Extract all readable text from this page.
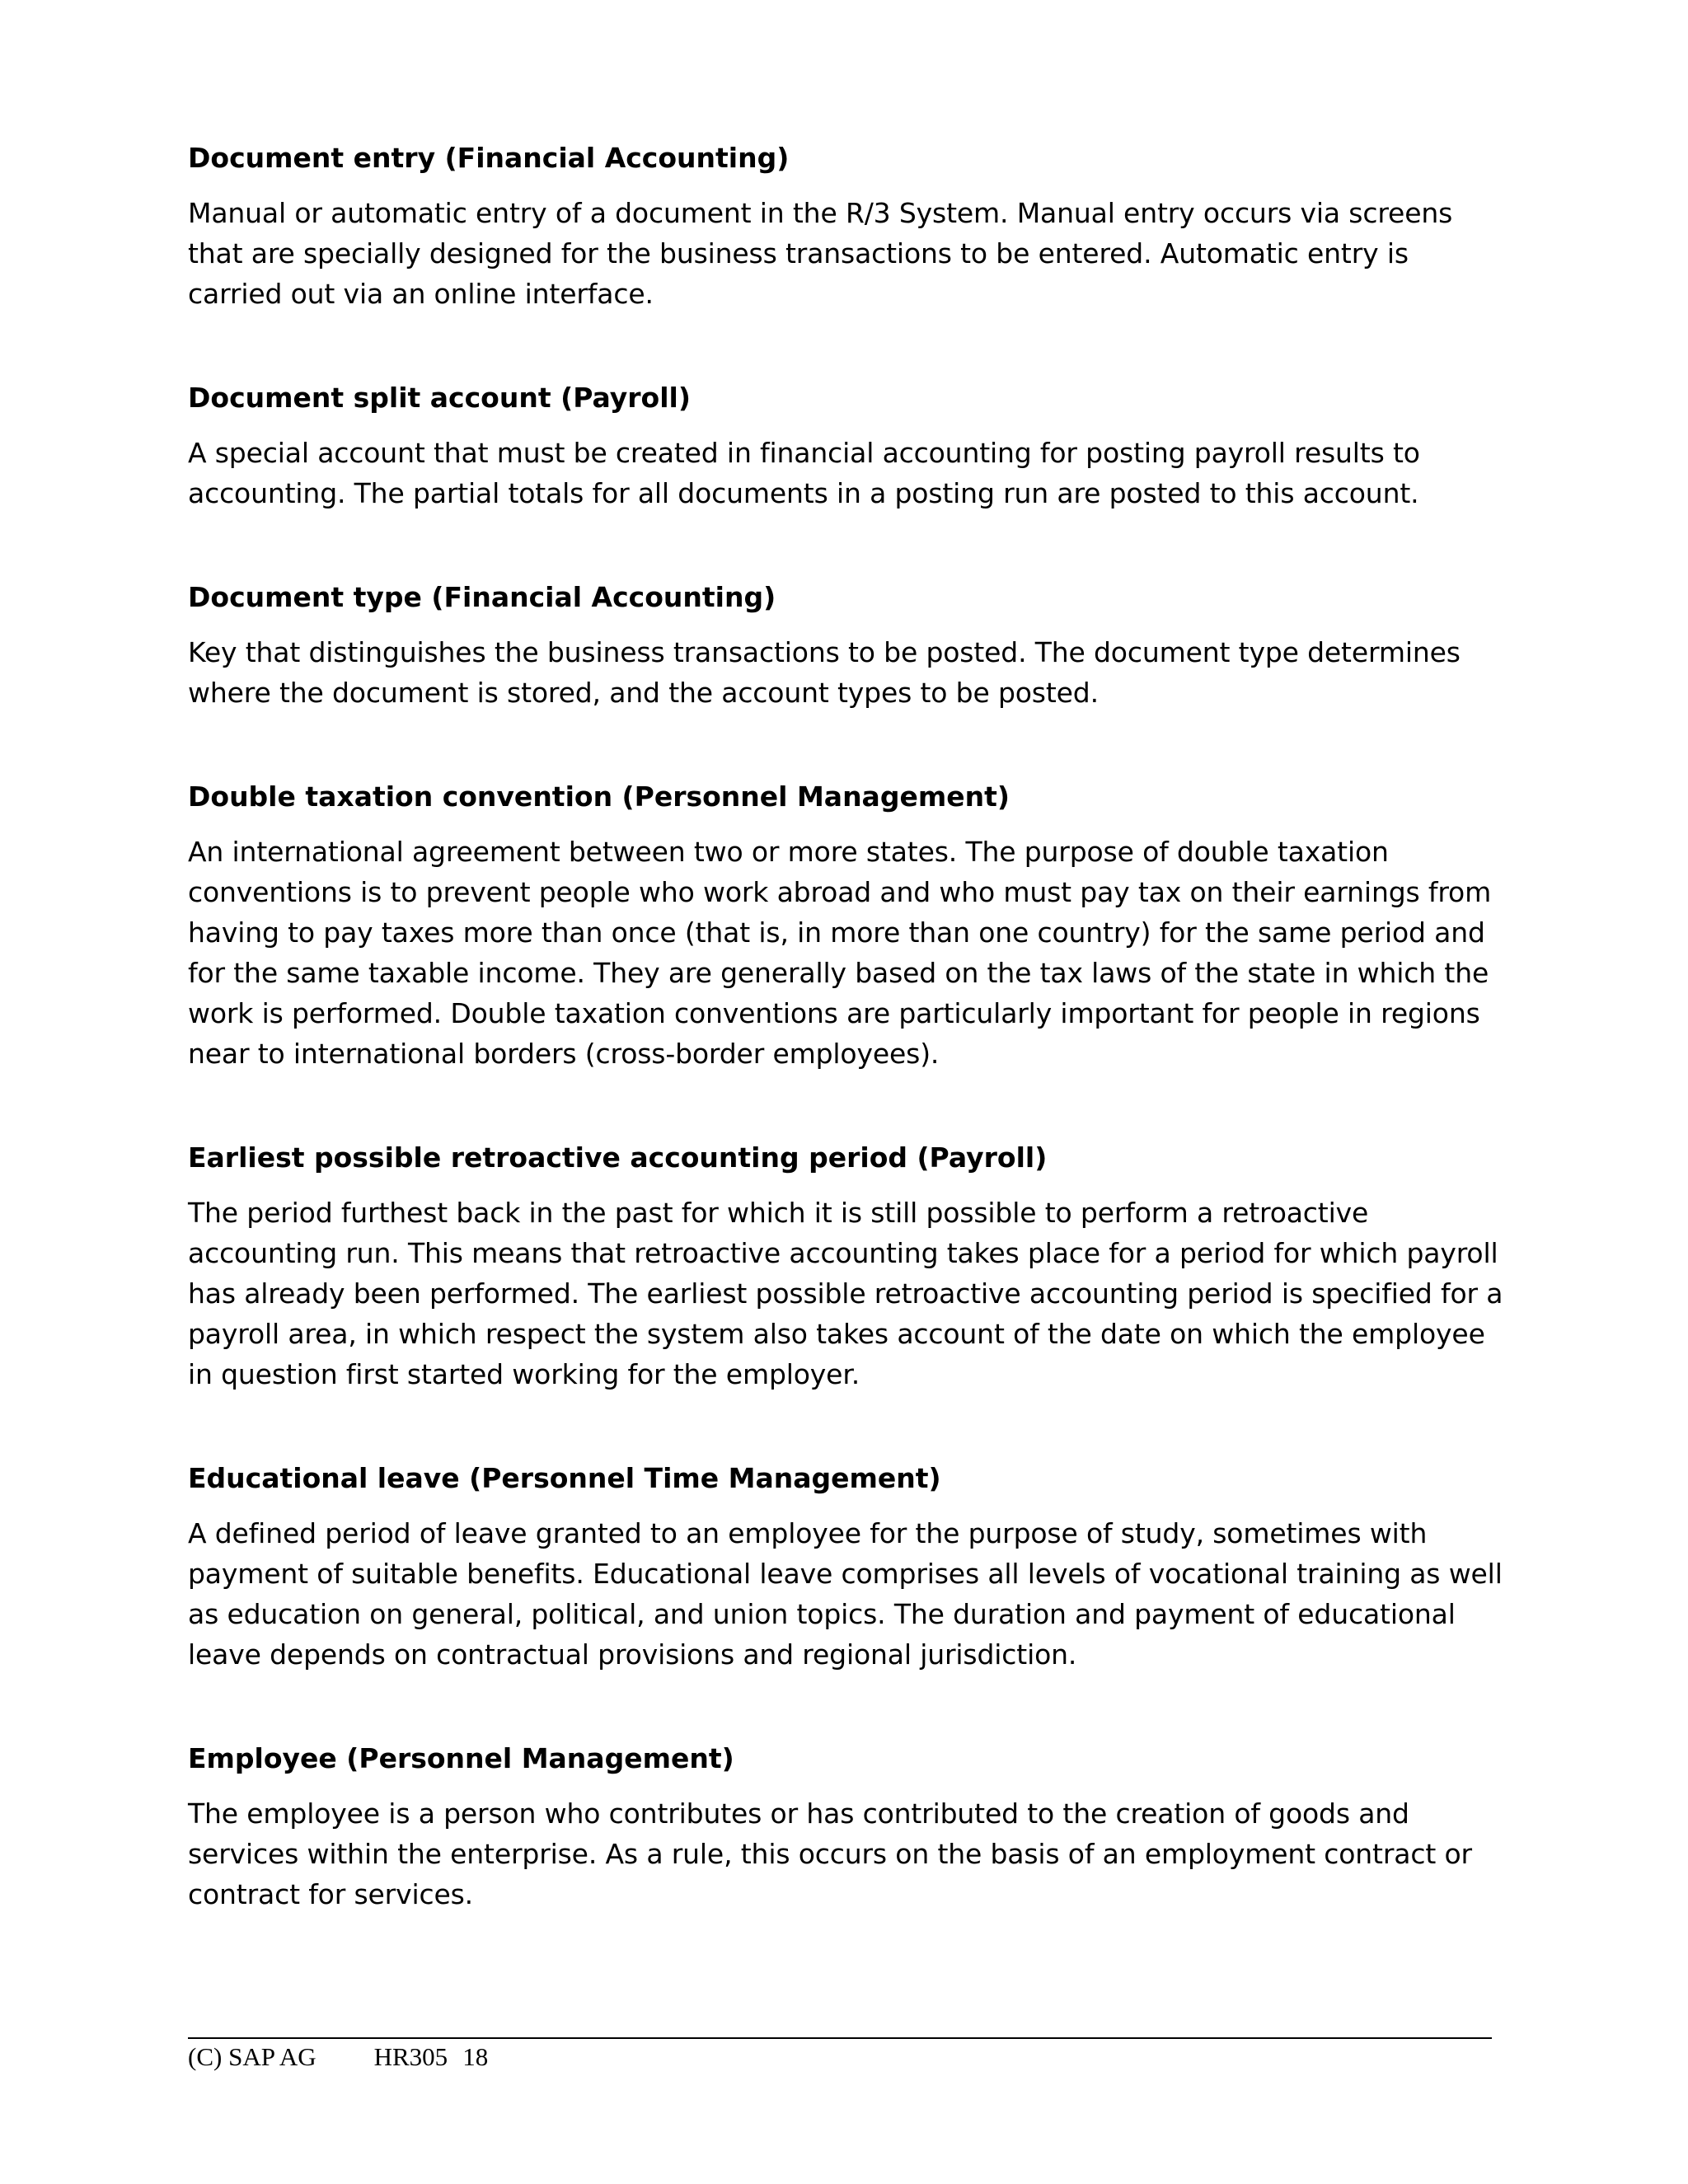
Document entry (Financial Accounting)

Manual or automatic entry of a document in the R/3 System. Manual entry occurs via screens that are specially designed for the business transactions to be entered. Automatic entry is carried out via an online interface.

Document split account (Payroll)

A special account that must be created in financial accounting for posting payroll results to accounting. The partial totals for all documents in a posting run are posted to this account.

Document type (Financial Accounting)

Key that distinguishes the business transactions to be posted. The document type determines where the document is stored, and the account types to be posted.

Double taxation convention (Personnel Management)

An international agreement between two or more states. The purpose of double taxation conventions is to prevent people who work abroad and who must pay tax on their earnings from having to pay taxes more than once (that is, in more than one country) for the same period and for the same taxable income. They are generally based on the tax laws of the state in which the work is performed. Double taxation conventions are particularly important for people in regions near to international borders (cross-border employees).

Earliest possible retroactive accounting period (Payroll)

The period furthest back in the past for which it is still possible to perform a retroactive accounting run. This means that retroactive accounting takes place for a period for which payroll has already been performed. The earliest possible retroactive accounting period is specified for a payroll area, in which respect the system also takes account of the date on which the employee in question first started working for the employer.

Educational leave (Personnel Time Management)

A defined period of leave granted to an employee for the purpose of study, sometimes with payment of suitable benefits. Educational leave comprises all levels of vocational training as well as education on general, political, and union topics. The duration and payment of educational leave depends on contractual provisions and regional jurisdiction.

Employee (Personnel Management)

The employee is a person who contributes or has contributed to the creation of goods and services within the enterprise. As a rule, this occurs on the basis of an employment contract or contract for services.

(C) SAP AG HR305 18
